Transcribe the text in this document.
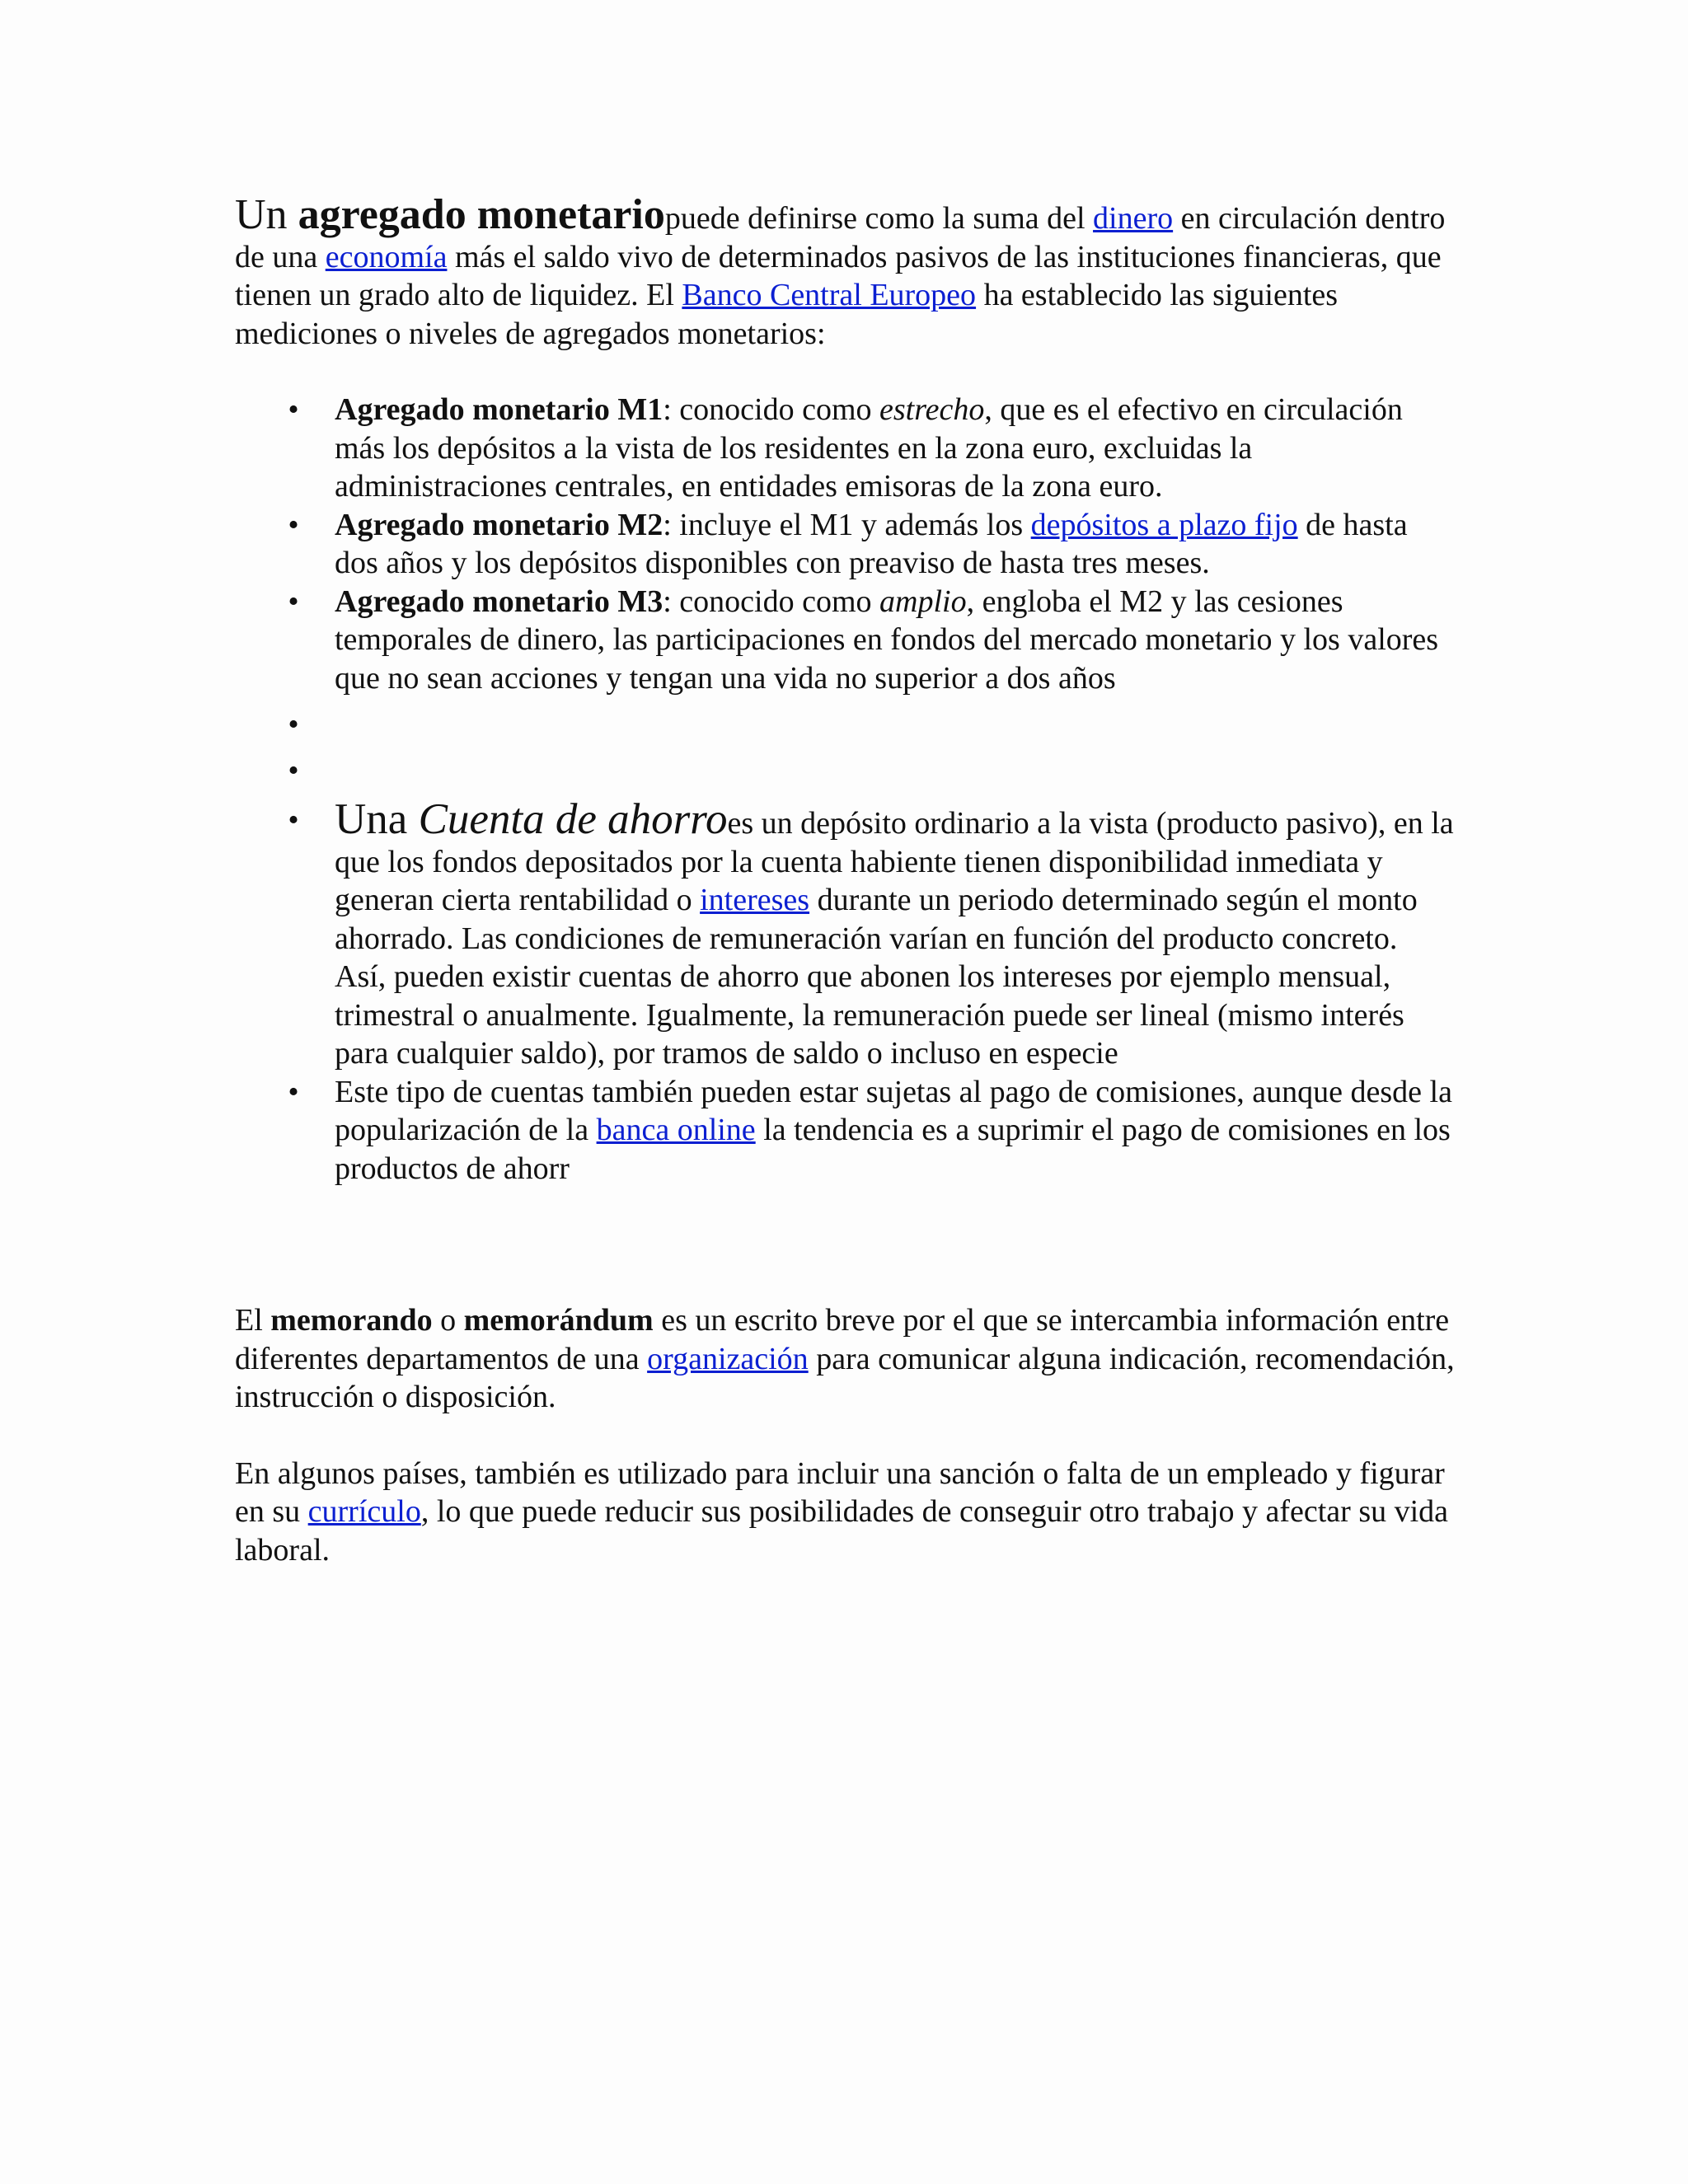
Un agregado monetariopuede definirse como la suma del dinero en circulación dentro de una economía más el saldo vivo de determinados pasivos de las instituciones financieras, que tienen un grado alto de liquidez. El Banco Central Europeo ha establecido las siguientes mediciones o niveles de agregados monetarios:

• Agregado monetario M1: conocido como estrecho, que es el efectivo en circulación más los depósitos a la vista de los residentes en la zona euro, excluidas la administraciones centrales, en entidades emisoras de la zona euro.
• Agregado monetario M2: incluye el M1 y además los depósitos a plazo fijo de hasta dos años y los depósitos disponibles con preaviso de hasta tres meses.
• Agregado monetario M3: conocido como amplio, engloba el M2 y las cesiones temporales de dinero, las participaciones en fondos del mercado monetario y los valores que no sean acciones y tengan una vida no superior a dos años
•
•
• Una Cuenta de ahorroes un depósito ordinario a la vista (producto pasivo), en la que los fondos depositados por la cuenta habiente tienen disponibilidad inmediata y generan cierta rentabilidad o intereses durante un periodo determinado según el monto ahorrado. Las condiciones de remuneración varían en función del producto concreto. Así, pueden existir cuentas de ahorro que abonen los intereses por ejemplo mensual, trimestral o anualmente. Igualmente, la remuneración puede ser lineal (mismo interés para cualquier saldo), por tramos de saldo o incluso en especie
• Este tipo de cuentas también pueden estar sujetas al pago de comisiones, aunque desde la popularización de la banca online la tendencia es a suprimir el pago de comisiones en los productos de ahorr

El memorando o memorándum es un escrito breve por el que se intercambia información entre diferentes departamentos de una organización para comunicar alguna indicación, recomendación, instrucción o disposición.

En algunos países, también es utilizado para incluir una sanción o falta de un empleado y figurar en su currículo, lo que puede reducir sus posibilidades de conseguir otro trabajo y afectar su vida laboral.
